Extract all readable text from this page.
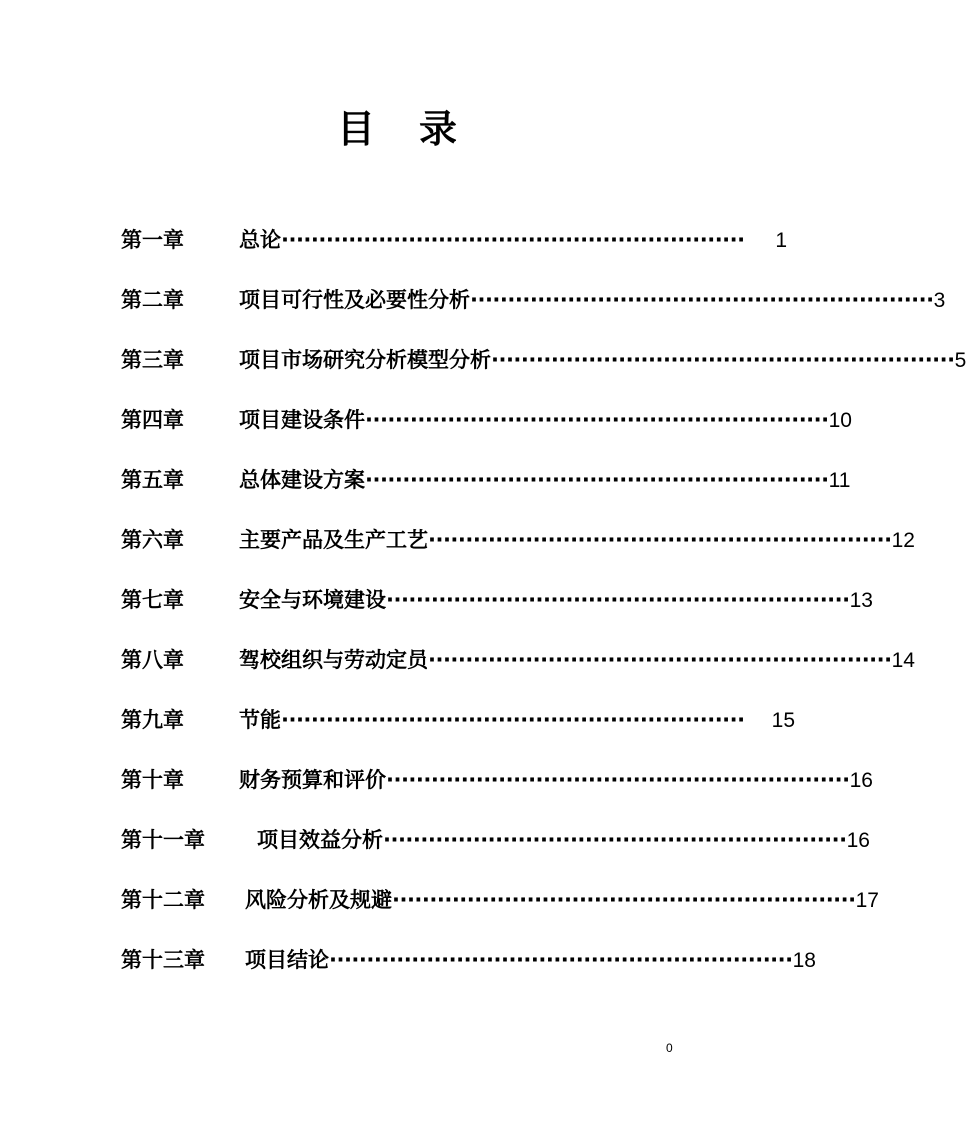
目 录
第一章	总论 ······························································	1
第二章	项目可行性及必要性分析 ······························································ 3
第三章	项目市场研究分析模型分析 ······························································ 5
第四章	项目建设条件 ······························································ 10
第五章	总体建设方案 ······························································ 11
第六章	主要产品及生产工艺 ······························································ 12
第七章	安全与环境建设 ······························································ 13
第八章	驾校组织与劳动定员 ······························································ 14
第九章	节能 ······························································	15
第十章	财务预算和评价 ······························································ 16
第十一章 项目效益分析 ······························································ 16
第十二章 风险分析及规避 ······························································ 17
第十三章 项目结论 ······························································ 18
0
